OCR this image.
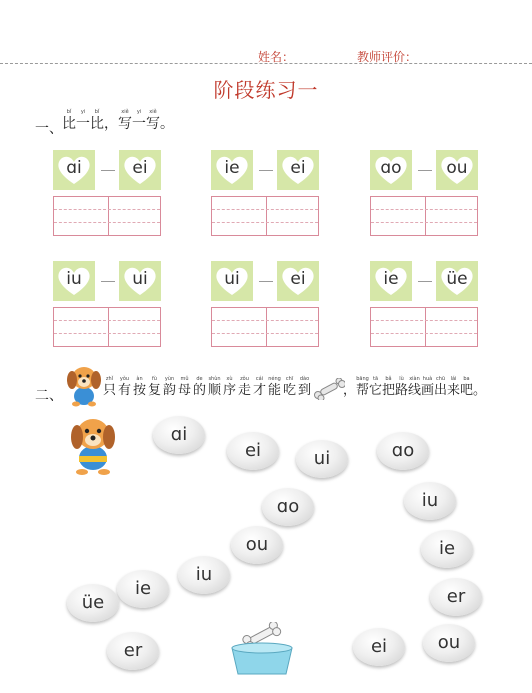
姓名：	教师评价：
阶段练习一
一、
bǐ
比
yi
一
bǐ
比 ，
xiě
写
yi
一
xiě
写 。
ɑi	ei	ie	ei	ɑo	ou
iu	ui	ui	ei	ie	üe
二、
zhǐ
只
yǒu
有
àn
按
fù
复
yùn
韵
mǔ
母
de
的
shùn
顺
xù
序
zǒu
走
cái
才
néng
能
chī
吃
dào
到 ，
bāng
帮
tā
它
bǎ
把
lù
路
xiàn
线
huà
画
chū
出
lái
来
ba
吧 。
ɑi
ei	ui	ɑo
ɑo	iu
ou	ie
iu
ie
üe	er
er	ei	ou
